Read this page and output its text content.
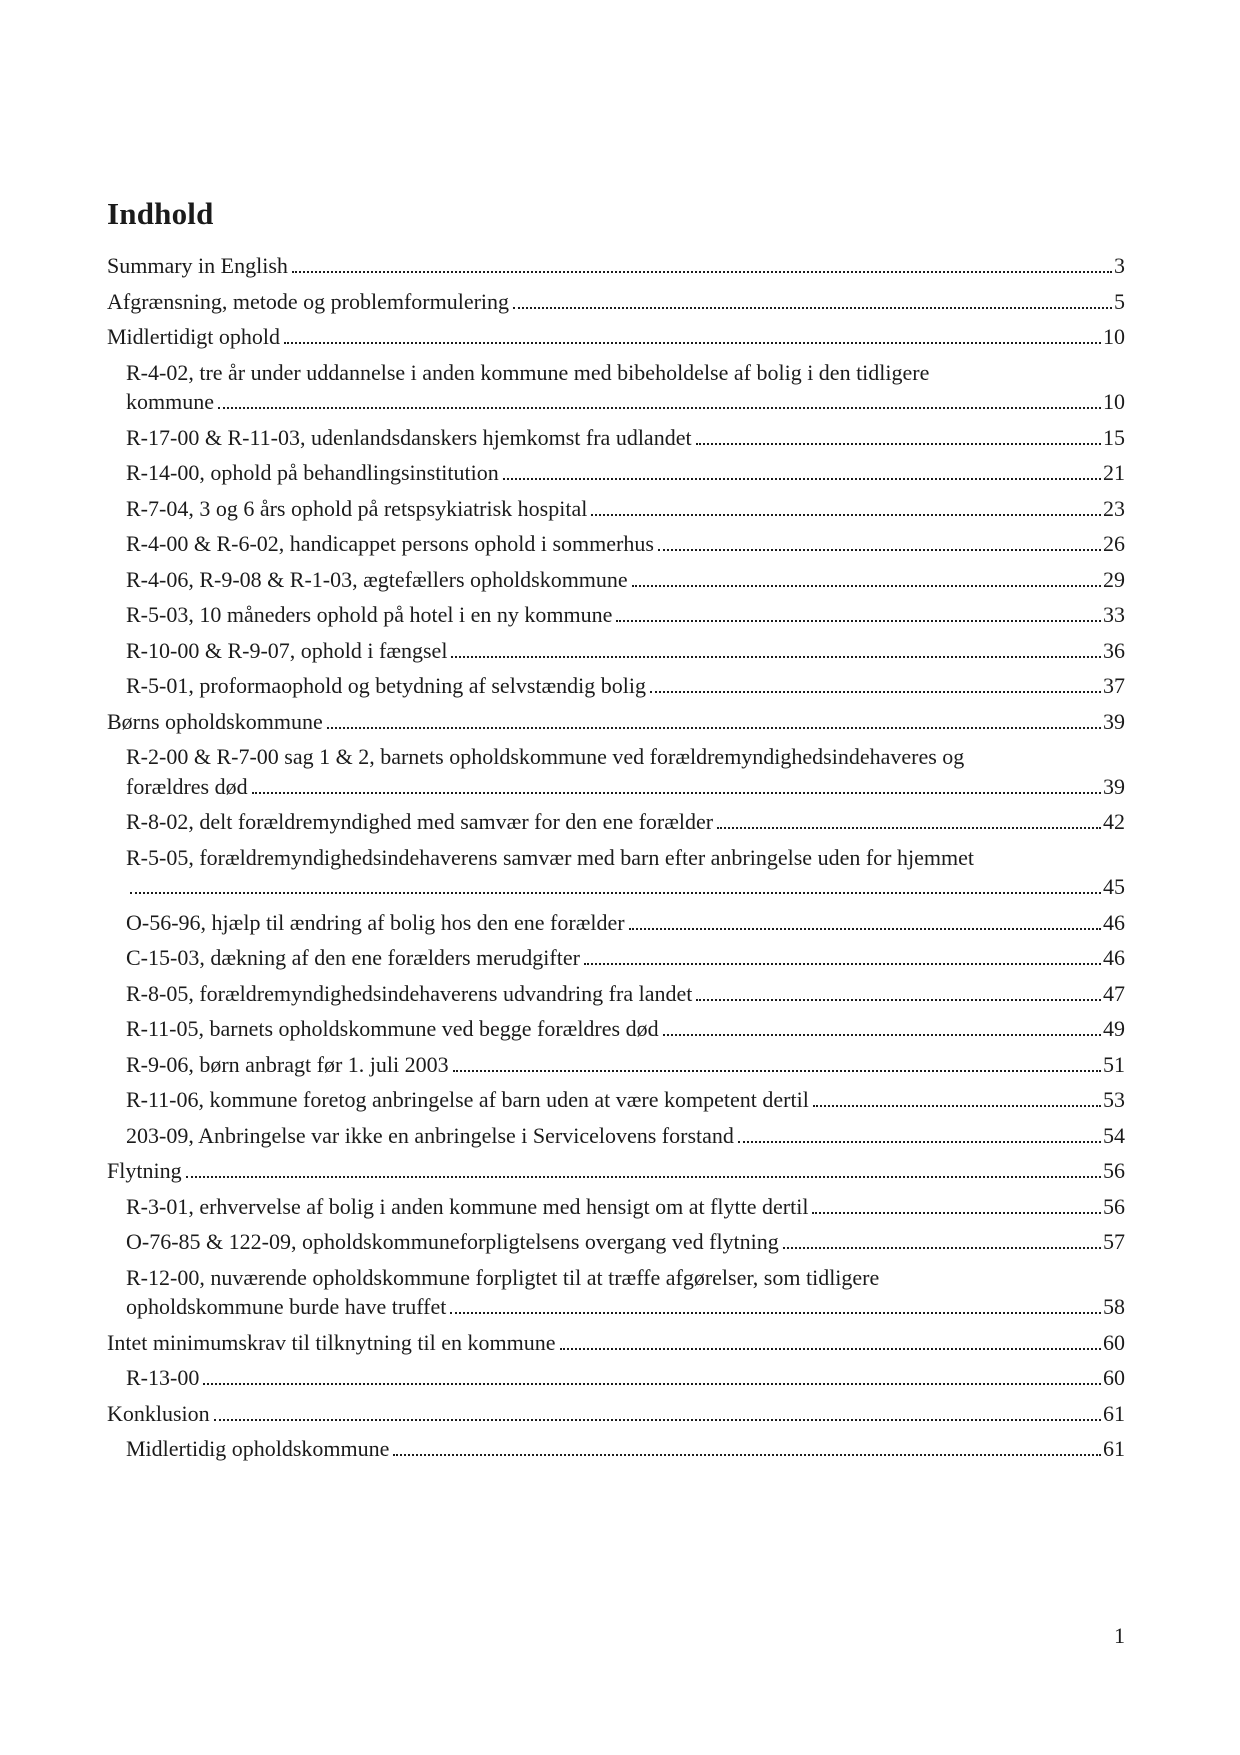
Indhold
Summary in English	3
Afgrænsning, metode og problemformulering	5
Midlertidigt ophold	10
R-4-02, tre år under uddannelse i anden kommune med bibeholdelse af bolig i den tidligere
kommune	10
R-17-00 & R-11-03, udenlandsdanskers hjemkomst fra udlandet	15
R-14-00, ophold på behandlingsinstitution	21
R-7-04, 3 og 6 års ophold på retspsykiatrisk hospital	23
R-4-00 & R-6-02, handicappet persons ophold i sommerhus	26
R-4-06, R-9-08 & R-1-03, ægtefællers opholdskommune	29
R-5-03, 10 måneders ophold på hotel i en ny kommune	33
R-10-00 & R-9-07, ophold i fængsel	36
R-5-01, proformaophold og betydning af selvstændig bolig	37
Børns opholdskommune	39
R-2-00 & R-7-00 sag 1 & 2, barnets opholdskommune ved forældremyndighedsindehaveres og
forældres død	39
R-8-02, delt forældremyndighed med samvær for den ene forælder	42
R-5-05, forældremyndighedsindehaverens samvær med barn efter anbringelse uden for hjemmet
45
O-56-96, hjælp til ændring af bolig hos den ene forælder	46
C-15-03, dækning af den ene forælders merudgifter	46
R-8-05, forældremyndighedsindehaverens udvandring fra landet	47
R-11-05, barnets opholdskommune ved begge forældres død	49
R-9-06, børn anbragt før 1. juli 2003	51
R-11-06, kommune foretog anbringelse af barn uden at være kompetent dertil	53
203-09, Anbringelse var ikke en anbringelse i Servicelovens forstand	54
Flytning	56
R-3-01, erhvervelse af bolig i anden kommune med hensigt om at flytte dertil	56
O-76-85 & 122-09, opholdskommuneforpligtelsens overgang ved flytning	57
R-12-00, nuværende opholdskommune forpligtet til at træffe afgørelser, som tidligere
opholdskommune burde have truffet	58
Intet minimumskrav til tilknytning til en kommune	60
R-13-00	60
Konklusion	61
Midlertidig opholdskommune	61
1
